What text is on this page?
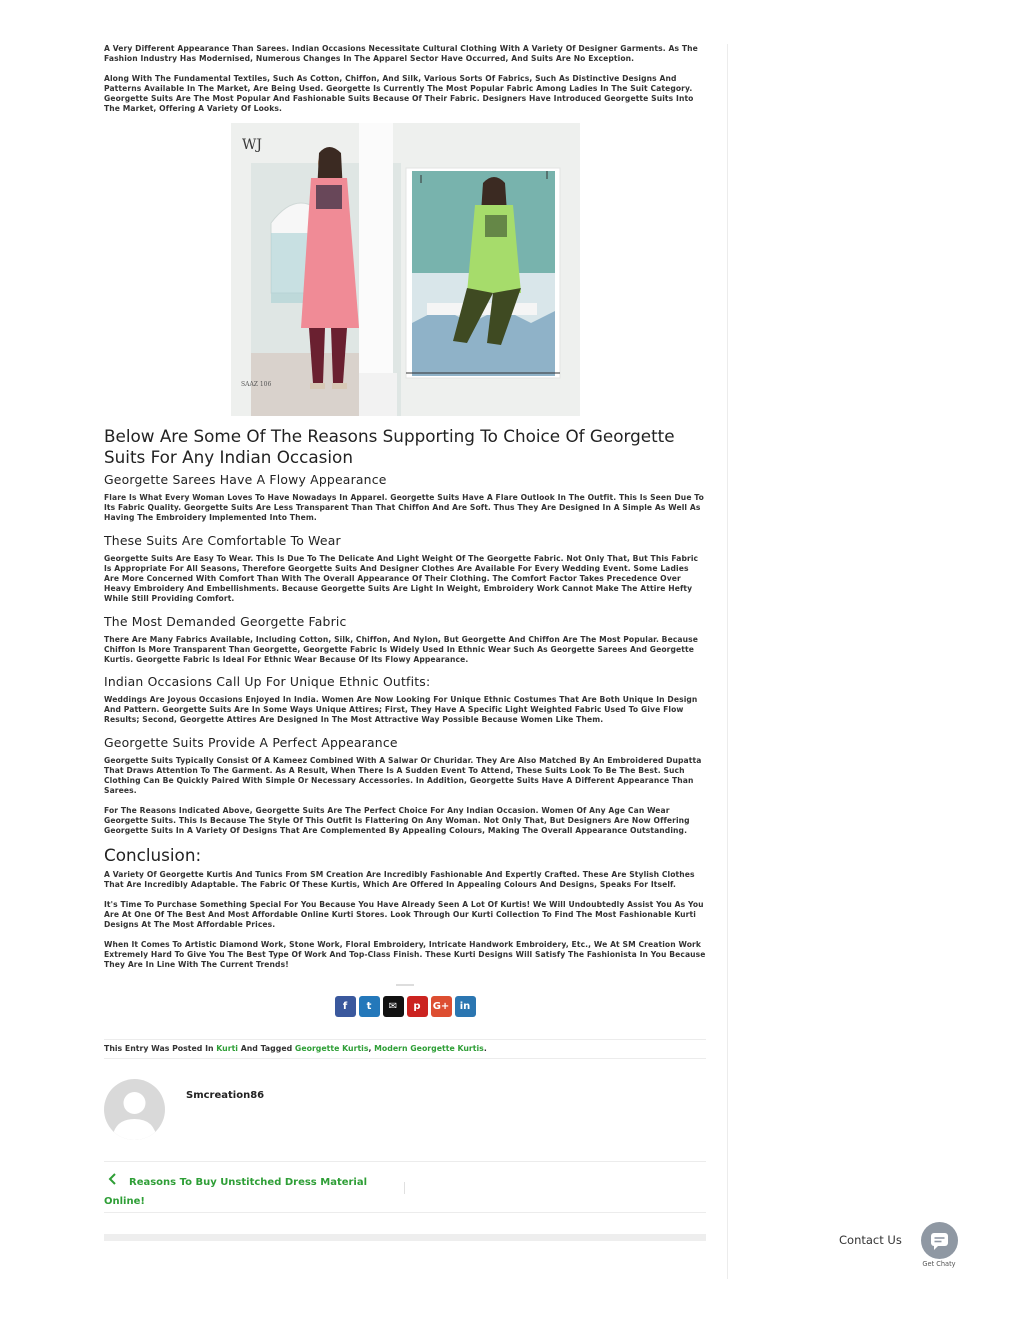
A Very Different Appearance Than Sarees. Indian Occasions Necessitate Cultural Clothing With A Variety Of Designer Garments. As The Fashion Industry Has Modernised, Numerous Changes In The Apparel Sector Have Occurred, And Suits Are No Exception.

Along With The Fundamental Textiles, Such As Cotton, Chiffon, And Silk, Various Sorts Of Fabrics, Such As Distinctive Designs And Patterns Available In The Market, Are Being Used. Georgette Is Currently The Most Popular Fabric Among Ladies In The Suit Category. Georgette Suits Are The Most Popular And Fashionable Suits Because Of Their Fabric. Designers Have Introduced Georgette Suits Into The Market, Offering A Variety Of Looks.

WJ
SAAZ 106
Below Are Some Of The Reasons Supporting To Choice Of Georgette Suits For Any Indian Occasion
Georgette Sarees Have A Flowy Appearance

Flare Is What Every Woman Loves To Have Nowadays In Apparel. Georgette Suits Have A Flare Outlook In The Outfit. This Is Seen Due To Its Fabric Quality. Georgette Suits Are Less Transparent Than That Chiffon And Are Soft. Thus They Are Designed In A Simple As Well As Having The Embroidery Implemented Into Them.

These Suits Are Comfortable To Wear

Georgette Suits Are Easy To Wear. This Is Due To The Delicate And Light Weight Of The Georgette Fabric. Not Only That, But This Fabric Is Appropriate For All Seasons, Therefore Georgette Suits And Designer Clothes Are Available For Every Wedding Event. Some Ladies Are More Concerned With Comfort Than With The Overall Appearance Of Their Clothing. The Comfort Factor Takes Precedence Over Heavy Embroidery And Embellishments. Because Georgette Suits Are Light In Weight, Embroidery Work Cannot Make The Attire Hefty While Still Providing Comfort.

The Most Demanded Georgette Fabric

There Are Many Fabrics Available, Including Cotton, Silk, Chiffon, And Nylon, But Georgette And Chiffon Are The Most Popular. Because Chiffon Is More Transparent Than Georgette, Georgette Fabric Is Widely Used In Ethnic Wear Such As Georgette Sarees And Georgette Kurtis. Georgette Fabric Is Ideal For Ethnic Wear Because Of Its Flowy Appearance.

Indian Occasions Call Up For Unique Ethnic Outfits:

Weddings Are Joyous Occasions Enjoyed In India. Women Are Now Looking For Unique Ethnic Costumes That Are Both Unique In Design And Pattern. Georgette Suits Are In Some Ways Unique Attires; First, They Have A Specific Light Weighted Fabric Used To Give Flow Results; Second, Georgette Attires Are Designed In The Most Attractive Way Possible Because Women Like Them.

Georgette Suits Provide A Perfect Appearance

Georgette Suits Typically Consist Of A Kameez Combined With A Salwar Or Churidar. They Are Also Matched By An Embroidered Dupatta That Draws Attention To The Garment. As A Result, When There Is A Sudden Event To Attend, These Suits Look To Be The Best. Such Clothing Can Be Quickly Paired With Simple Or Necessary Accessories. In Addition, Georgette Suits Have A Different Appearance Than Sarees.

For The Reasons Indicated Above, Georgette Suits Are The Perfect Choice For Any Indian Occasion. Women Of Any Age Can Wear Georgette Suits. This Is Because The Style Of This Outfit Is Flattering On Any Woman. Not Only That, But Designers Are Now Offering Georgette Suits In A Variety Of Designs That Are Complemented By Appealing Colours, Making The Overall Appearance Outstanding.

Conclusion:

A Variety Of Georgette Kurtis And Tunics From SM Creation Are Incredibly Fashionable And Expertly Crafted. These Are Stylish Clothes That Are Incredibly Adaptable. The Fabric Of These Kurtis, Which Are Offered In Appealing Colours And Designs, Speaks For Itself.

It's Time To Purchase Something Special For You Because You Have Already Seen A Lot Of Kurtis! We Will Undoubtedly Assist You As You Are At One Of The Best And Most Affordable Online Kurti Stores. Look Through Our Kurti Collection To Find The Most Fashionable Kurti Designs At The Most Affordable Prices.

When It Comes To Artistic Diamond Work, Stone Work, Floral Embroidery, Intricate Handwork Embroidery, Etc., We At SM Creation Work Extremely Hard To Give You The Best Type Of Work And Top-Class Finish. These Kurti Designs Will Satisfy The Fashionista In You Because They Are In Line With The Current Trends!

f	t	✉	p	G+	in
This Entry Was Posted In Kurti And Tagged Georgette Kurtis, Modern Georgette Kurtis.
Smcreation86
Reasons To Buy Unstitched Dress Material Online!
Contact Us
Get Chaty
